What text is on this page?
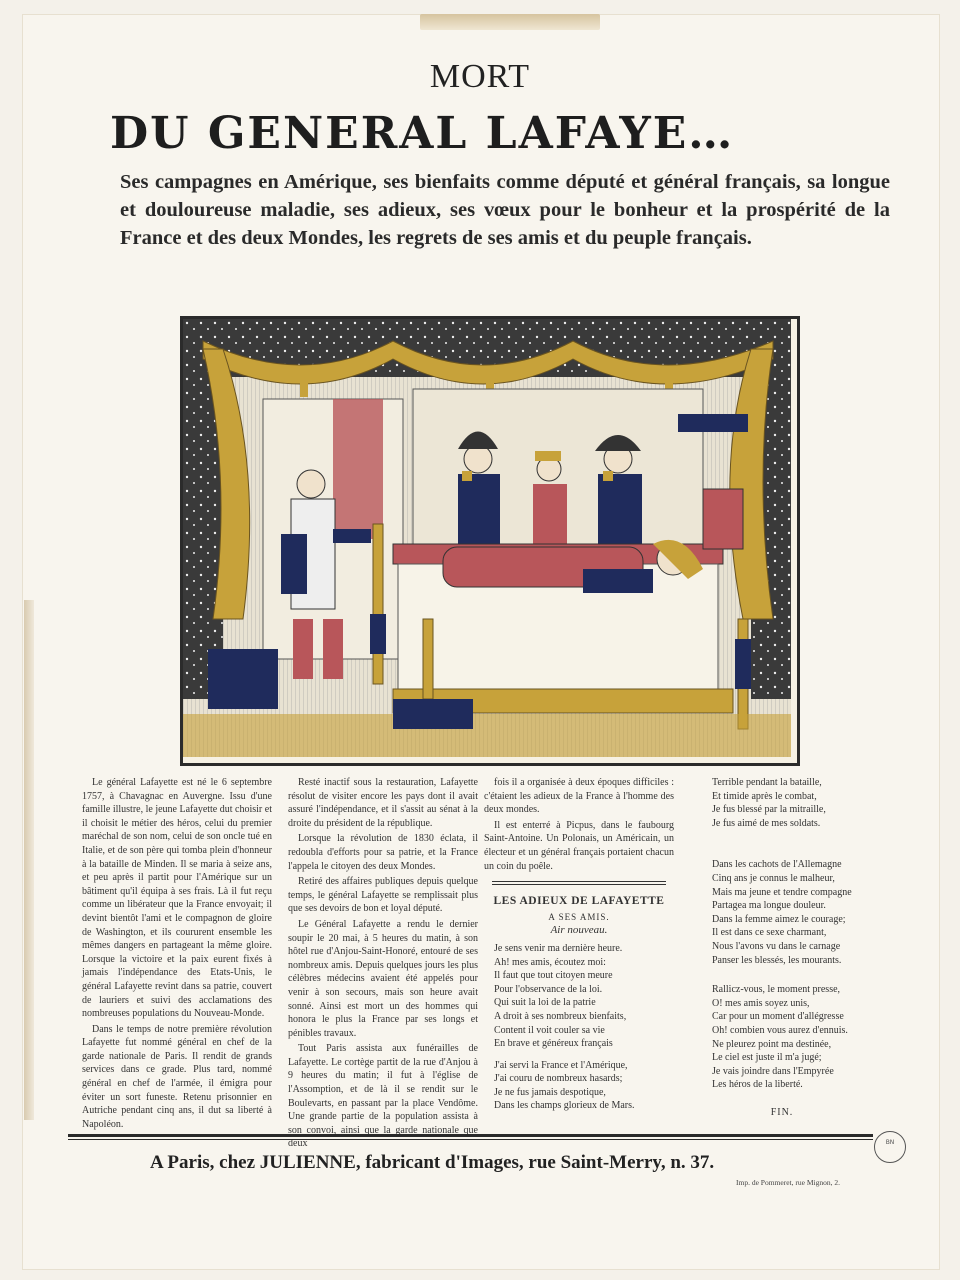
MORT
DU GENERAL LAFAYE…
Ses campagnes en Amérique, ses bienfaits comme député et général français, sa longue et douloureuse maladie, ses adieux, ses vœux pour le bonheur et la prospérité de la France et des deux Mondes, les regrets de ses amis et du peuple français.

Le général Lafayette est né le 6 septembre 1757, à Chavagnac en Auvergne. Issu d'une famille illustre, le jeune Lafayette dut choisir et il choisit le métier des héros, celui du premier maréchal de son nom, celui de son oncle tué en Italie, et de son père qui tomba plein d'honneur à la bataille de Minden. Il se maria à seize ans, et peu après il partit pour l'Amérique sur un bâtiment qu'il équipa à ses frais. Là il fut reçu comme un libérateur que la France envoyait; il devint bientôt l'ami et le compagnon de gloire de Washington, et ils coururent ensemble les mêmes dangers en partageant la même gloire. Lorsque la victoire et la paix eurent fixés à jamais l'indépendance des Etats-Unis, le général Lafayette revint dans sa patrie, couvert de lauriers et suivi des acclamations des nombreuses populations du Nouveau-Monde.

Dans le temps de notre première révolution Lafayette fut nommé général en chef de la garde nationale de Paris. Il rendit de grands services dans ce grade. Plus tard, nommé général en chef de l'armée, il émigra pour éviter un sort funeste. Retenu prisonnier en Autriche pendant cinq ans, il dut sa liberté à Napoléon.

Resté inactif sous la restauration, Lafayette résolut de visiter encore les pays dont il avait assuré l'indépendance, et il s'assit au sénat à la droite du président de la république.

Lorsque la révolution de 1830 éclata, il redoubla d'efforts pour sa patrie, et la France l'appela le citoyen des deux Mondes.

Retiré des affaires publiques depuis quelque temps, le général Lafayette se remplissait plus que ses devoirs de bon et loyal député.

Le Général Lafayette a rendu le dernier soupir le 20 mai, à 5 heures du matin, à son hôtel rue d'Anjou-Saint-Honoré, entouré de ses nombreux amis. Depuis quelques jours les plus célèbres médecins avaient été appelés pour venir à son secours, mais son heure avait sonné. Ainsi est mort un des hommes qui honora le plus la France par ses longs et pénibles travaux.

Tout Paris assista aux funérailles de Lafayette. Le cortège partit de la rue d'Anjou à 9 heures du matin; il fut à l'église de l'Assomption, et de là il se rendit sur le Boulevarts, en passant par la place Vendôme. Une grande partie de la population assista à son convoi, ainsi que la garde nationale que deux

fois il a organisée à deux époques difficiles : c'étaient les adieux de la France à l'homme des deux mondes.

Il est enterré à Picpus, dans le faubourg Saint-Antoine. Un Polonais, un Américain, un électeur et un général français portaient chacun un coin du poêle.

LES ADIEUX DE LAFAYETTE
A SES AMIS.
Air nouveau.
Je sens venir ma dernière heure.
Ah! mes amis, écoutez moi:
Il faut que tout citoyen meure
Pour l'observance de la loi.
Qui suit la loi de la patrie
A droit à ses nombreux bienfaits,
Content il voit couler sa vie
En brave et généreux français
J'ai servi la France et l'Amérique,
J'ai couru de nombreux hasards;
Je ne fus jamais despotique,
Dans les champs glorieux de Mars.
Terrible pendant la bataille,
Et timide après le combat,
Je fus blessé par la mitraille,
Je fus aimé de mes soldats.
Dans les cachots de l'Allemagne
Cinq ans je connus le malheur,
Mais ma jeune et tendre compagne
Partagea ma longue douleur.
Dans la femme aimez le courage;
Il est dans ce sexe charmant,
Nous l'avons vu dans le carnage
Panser les blessés, les mourants.
Rallicz-vous, le moment presse,
O! mes amis soyez unis,
Car pour un moment d'allégresse
Oh! combien vous aurez d'ennuis.
Ne pleurez point ma destinée,
Le ciel est juste il m'a jugé;
Je vais joindre dans l'Empyrée
Les héros de la liberté.
FIN.
A Paris, chez JULIENNE, fabricant d'Images, rue Saint-Merry, n. 37.
Imp. de Pommeret, rue Mignon, 2.
BN
